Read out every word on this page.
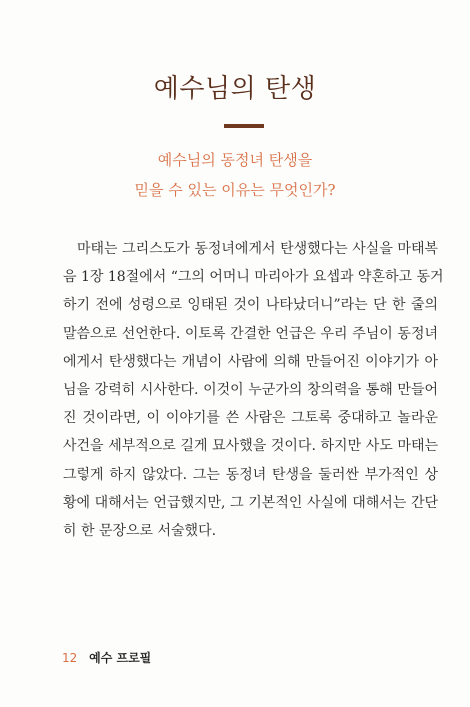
예수님의 탄생

예수님의 동정녀 탄생을
믿을 수 있는 이유는 무엇인가?

마태는 그리스도가 동정녀에게서 탄생했다는 사실을 마태복
음 1장 18절에서 “그의 어머니 마리아가 요셉과 약혼하고 동거
하기 전에 성령으로 잉태된 것이 나타났더니”라는 단 한 줄의
말씀으로 선언한다. 이토록 간결한 언급은 우리 주님이 동정녀
에게서 탄생했다는 개념이 사람에 의해 만들어진 이야기가 아
님을 강력히 시사한다. 이것이 누군가의 창의력을 통해 만들어
진 것이라면, 이 이야기를 쓴 사람은 그토록 중대하고 놀라운
사건을 세부적으로 길게 묘사했을 것이다. 하지만 사도 마태는
그렇게 하지 않았다. 그는 동정녀 탄생을 둘러싼 부가적인 상
황에 대해서는 언급했지만, 그 기본적인 사실에 대해서는 간단
히 한 문장으로 서술했다.

12 예수 프로필
